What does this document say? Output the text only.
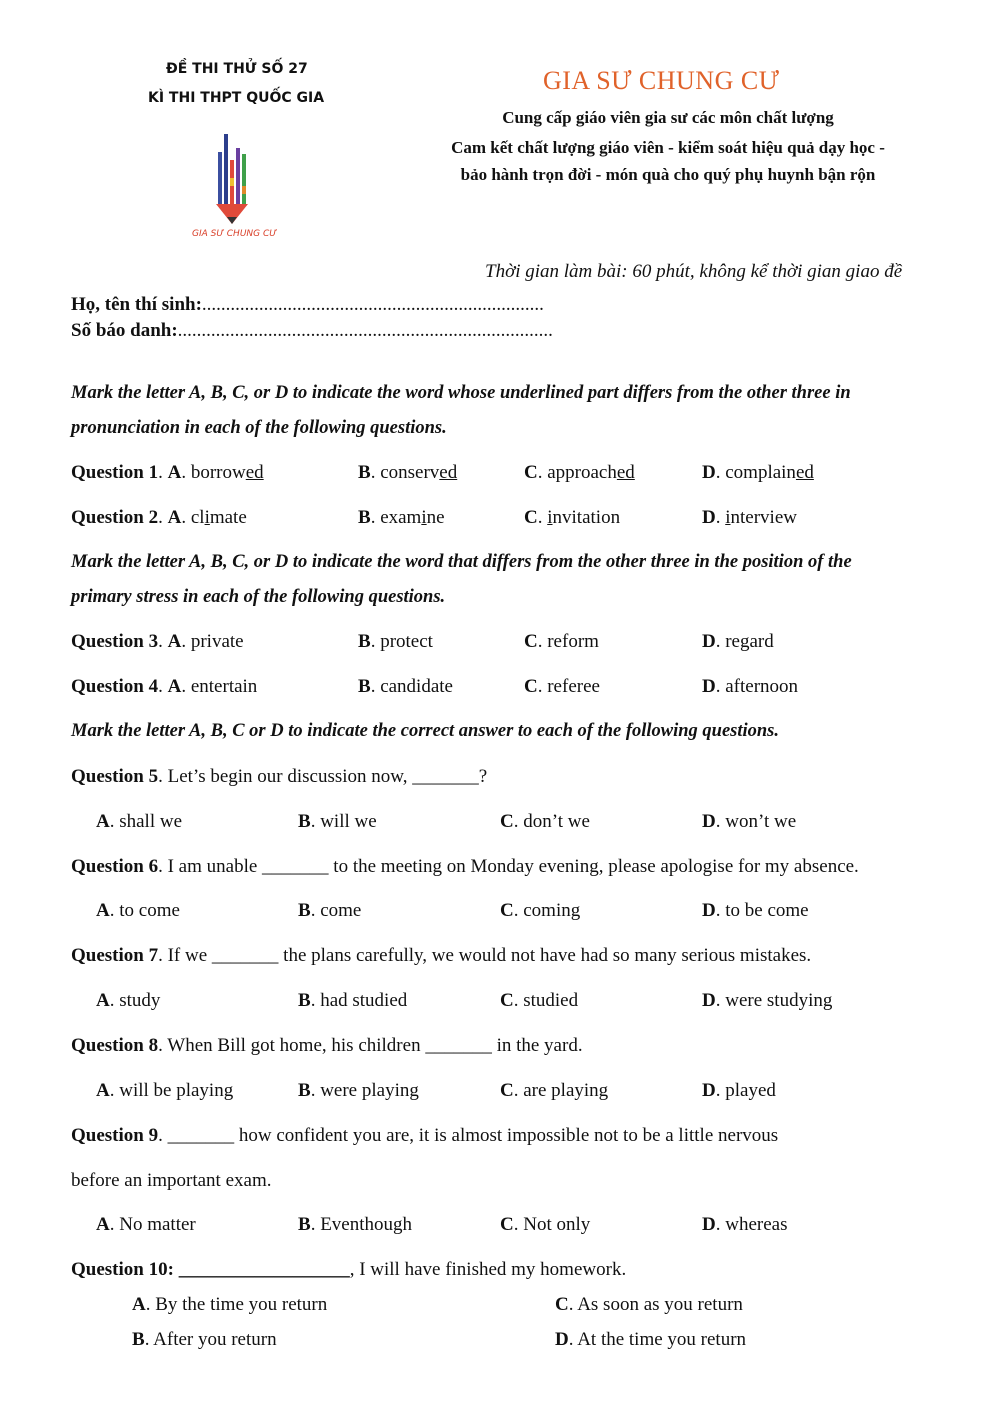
ĐỀ THI THỬ SỐ 27
KÌ THI THPT QUỐC GIA
GIA SƯ CHUNG CƯ
GIA SƯ CHUNG CƯ
Cung cấp giáo viên gia sư các môn chất lượng
Cam kết chất lượng giáo viên - kiểm soát hiệu quả dạy học -
bảo hành trọn đời - món quà cho quý phụ huynh bận rộn
Thời gian làm bài: 60 phút, không kể thời gian giao đề
Họ, tên thí sinh:........................................................................
Số báo danh:...............................................................................
Mark the letter A, B, C, or D to indicate the word whose underlined part differs from the other three in
pronunciation in each of the following questions.
Question 1. A. borrowed	B. conserved	C. approached	D. complained
Question 2. A. climate	B. examine	C. invitation	D. interview
Mark the letter A, B, C, or D to indicate the word that differs from the other three in the position of the
primary stress in each of the following questions.
Question 3. A. private	B. protect	C. reform	D. regard
Question 4. A. entertain	B. candidate	C. referee	D. afternoon
Mark the letter A, B, C or D to indicate the correct answer to each of the following questions.
Question 5. Let’s begin our discussion now, _______?
A. shall we	B. will we	C. don’t we	D. won’t we
Question 6. I am unable _______ to the meeting on Monday evening, please apologise for my absence.
A. to come	B. come	C. coming	D. to be come
Question 7. If we _______ the plans carefully, we would not have had so many serious mistakes.
A. study	B. had studied	C. studied	D. were studying
Question 8. When Bill got home, his children _______ in the yard.
A. will be playing	B. were playing	C. are playing	D. played
Question 9. _______ how confident you are, it is almost impossible not to be a little nervous
before an important exam.
A. No matter	B. Eventhough	C. Not only	D. whereas
Question 10: __________________, I will have finished my homework.
A. By the time you return	C. As soon as you return
B. After you return	D. At the time you return
